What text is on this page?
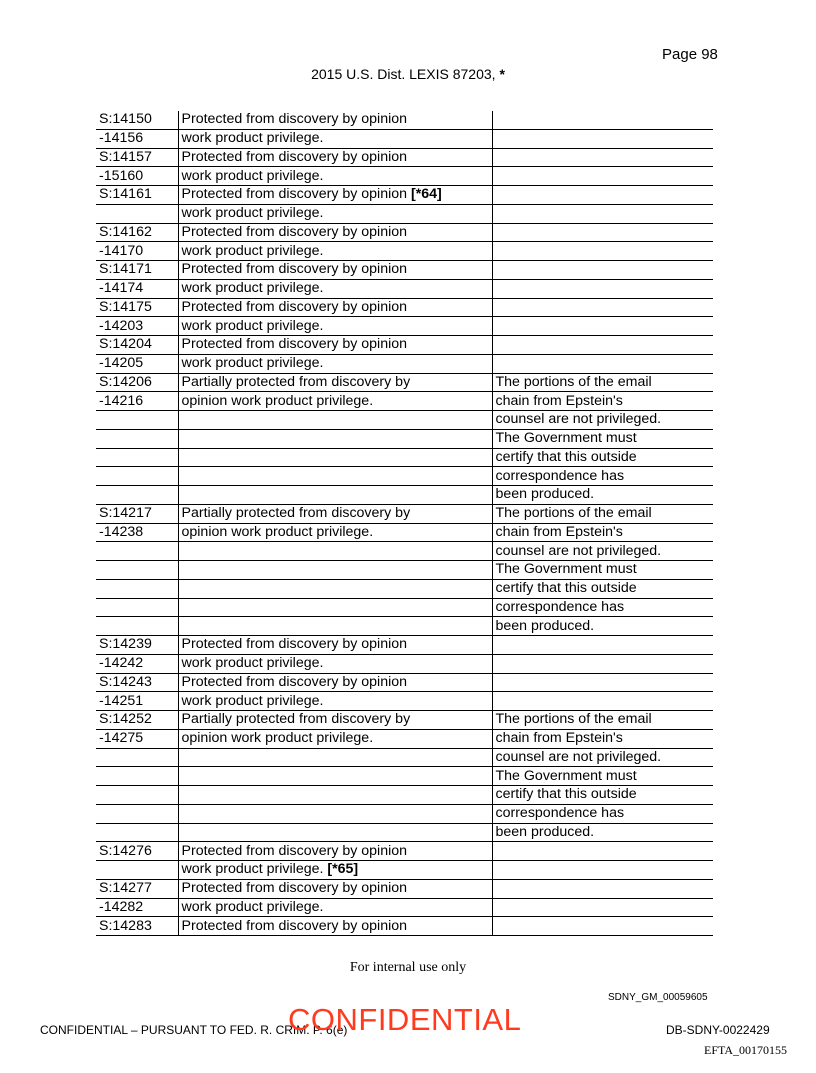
Page 98
2015 U.S. Dist. LEXIS 87203, *
S:14150	Protected from discovery by opinion	
-14156	work product privilege.	
S:14157	Protected from discovery by opinion	
-15160	work product privilege.	
S:14161	Protected from discovery by opinion [*64]	
	work product privilege.	
S:14162	Protected from discovery by opinion	
-14170	work product privilege.	
S:14171	Protected from discovery by opinion	
-14174	work product privilege.	
S:14175	Protected from discovery by opinion	
-14203	work product privilege.	
S:14204	Protected from discovery by opinion	
-14205	work product privilege.	
S:14206	Partially protected from discovery by	The portions of the email
-14216	opinion work product privilege.	chain from Epstein's
		counsel are not privileged.
		The Government must
		certify that this outside
		correspondence has
		been produced.
S:14217	Partially protected from discovery by	The portions of the email
-14238	opinion work product privilege.	chain from Epstein's
		counsel are not privileged.
		The Government must
		certify that this outside
		correspondence has
		been produced.
S:14239	Protected from discovery by opinion	
-14242	work product privilege.	
S:14243	Protected from discovery by opinion	
-14251	work product privilege.	
S:14252	Partially protected from discovery by	The portions of the email
-14275	opinion work product privilege.	chain from Epstein's
		counsel are not privileged.
		The Government must
		certify that this outside
		correspondence has
		been produced.
S:14276	Protected from discovery by opinion	
	work product privilege. [*65]	
S:14277	Protected from discovery by opinion	
-14282	work product privilege.	
S:14283	Protected from discovery by opinion	
For internal use only
SDNY_GM_00059605
CONFIDENTIAL – PURSUANT TO FED. R. CRIM. P. 6(e)
CONFIDENTIAL	DB-SDNY-0022429
EFTA_00170155
